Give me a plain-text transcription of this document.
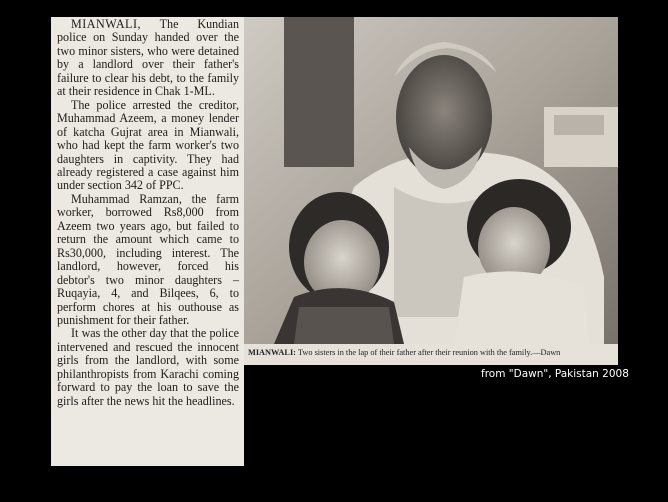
MIANWALI, The Kundian police on Sunday handed over the two minor sisters, who were detained by a landlord over their father's failure to clear his debt, to the family at their residence in Chak 1-ML.

The police arrested the creditor, Muhammad Azeem, a money lender of katcha Gujrat area in Mianwali, who had kept the farm worker's two daughters in captivity. They had already registered a case against him under section 342 of PPC.

Muhammad Ramzan, the farm worker, borrowed Rs8,000 from Azeem two years ago, but failed to return the amount which came to Rs30,000, including interest. The landlord, however, forced his debtor's two minor daughters – Ruqayia, 4, and Bilqees, 6, to perform chores at his outhouse as punishment for their father.

It was the other day that the police intervened and rescued the innocent girls from the landlord, with some philanthropists from Karachi coming forward to pay the loan to save the girls after the news hit the headlines.

MIANWALI: Two sisters in the lap of their father after their reunion with the family.—Dawn
from "Dawn", Pakistan 2008
